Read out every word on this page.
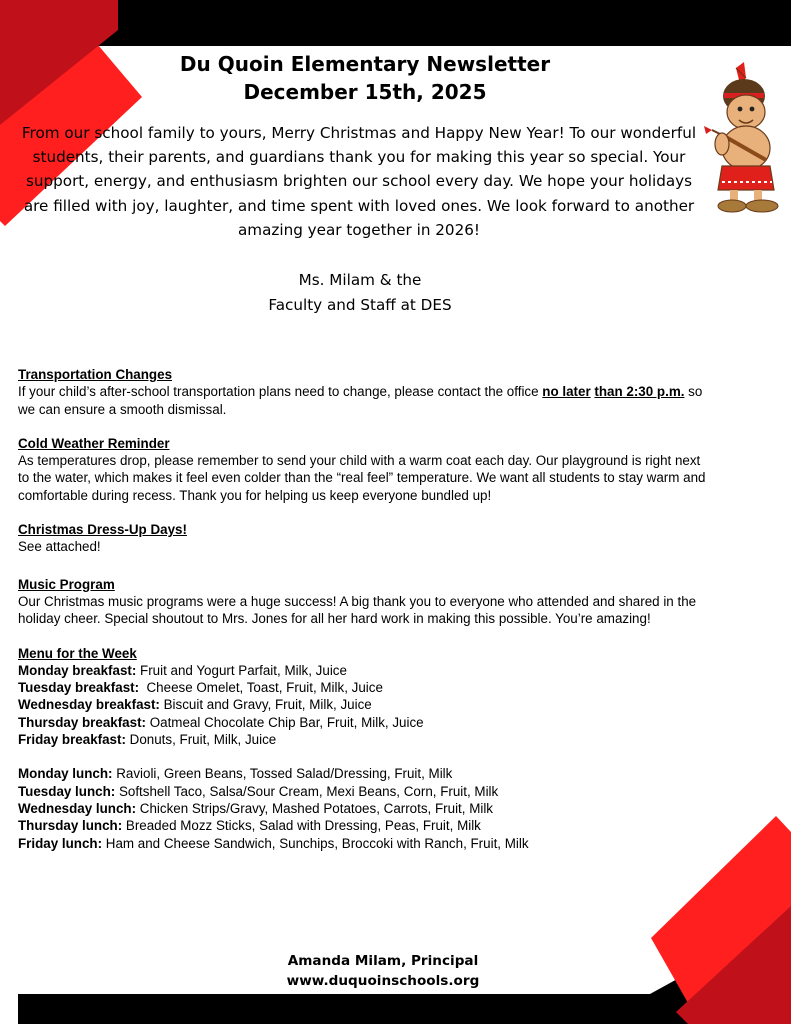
Du Quoin Elementary Newsletter
December 15th, 2025
From our school family to yours, Merry Christmas and Happy New Year! To our wonderful students, their parents, and guardians thank you for making this year so special. Your support, energy, and enthusiasm brighten our school every day. We hope your holidays are filled with joy, laughter, and time spent with loved ones. We look forward to another amazing year together in 2026!
Ms. Milam & the
Faculty and Staff at DES
Transportation Changes
If your child’s after-school transportation plans need to change, please contact the office no later than 2:30 p.m. so we can ensure a smooth dismissal.
Cold Weather Reminder
As temperatures drop, please remember to send your child with a warm coat each day. Our playground is right next to the water, which makes it feel even colder than the “real feel” temperature. We want all students to stay warm and comfortable during recess. Thank you for helping us keep everyone bundled up!
Christmas Dress-Up Days!
See attached!
Music Program
Our Christmas music programs were a huge success! A big thank you to everyone who attended and shared in the holiday cheer. Special shoutout to Mrs. Jones for all her hard work in making this possible. You’re amazing!
Menu for the Week
Monday breakfast: Fruit and Yogurt Parfait, Milk, Juice
Tuesday breakfast:  Cheese Omelet, Toast, Fruit, Milk, Juice
Wednesday breakfast: Biscuit and Gravy, Fruit, Milk, Juice
Thursday breakfast: Oatmeal Chocolate Chip Bar, Fruit, Milk, Juice
Friday breakfast: Donuts, Fruit, Milk, Juice
Monday lunch: Ravioli, Green Beans, Tossed Salad/Dressing, Fruit, Milk
Tuesday lunch: Softshell Taco, Salsa/Sour Cream, Mexi Beans, Corn, Fruit, Milk
Wednesday lunch: Chicken Strips/Gravy, Mashed Potatoes, Carrots, Fruit, Milk
Thursday lunch: Breaded Mozz Sticks, Salad with Dressing, Peas, Fruit, Milk
Friday lunch: Ham and Cheese Sandwich, Sunchips, Broccoki with Ranch, Fruit, Milk
Amanda Milam, Principal
www.duquoinschools.org
